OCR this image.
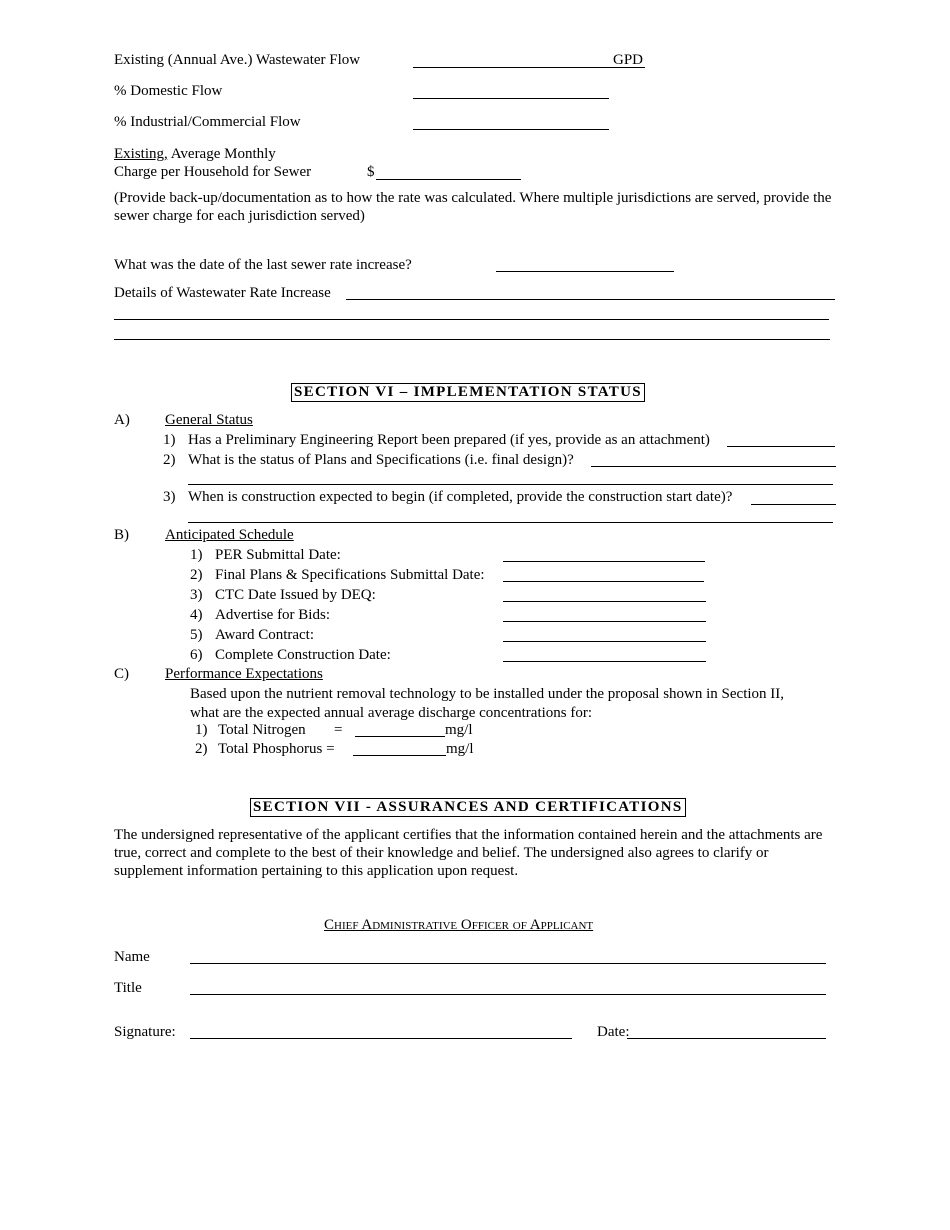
Existing (Annual Ave.) Wastewater Flow	GPD
% Domestic Flow
% Industrial/Commercial Flow
Existing, Average Monthly
Charge per Household for Sewer	$
(Provide back-up/documentation as to how the rate was calculated. Where multiple jurisdictions are served, provide the sewer charge for each jurisdiction served)
What was the date of the last sewer rate increase?
Details of Wastewater Rate Increase
SECTION VI – IMPLEMENTATION STATUS
A) General Status
1) Has a Preliminary Engineering Report been prepared (if yes, provide as an attachment)
2) What is the status of Plans and Specifications (i.e. final design)?
3) When is construction expected to begin (if completed, provide the construction start date)?
B) Anticipated Schedule
1) PER Submittal Date:
2) Final Plans & Specifications Submittal Date:
3) CTC Date Issued by DEQ:
4) Advertise for Bids:
5) Award Contract:
6) Complete Construction Date:
C) Performance Expectations
Based upon the nutrient removal technology to be installed under the proposal shown in Section II,
what are the expected annual average discharge concentrations for:
1) Total Nitrogen =	mg/l
2) Total Phosphorus =	mg/l
SECTION VII - ASSURANCES AND CERTIFICATIONS
The undersigned representative of the applicant certifies that the information contained herein and the attachments are true, correct and complete to the best of their knowledge and belief. The undersigned also agrees to clarify or supplement information pertaining to this application upon request.
Chief Administrative Officer of Applicant
Name
Title
Signature:	Date:
